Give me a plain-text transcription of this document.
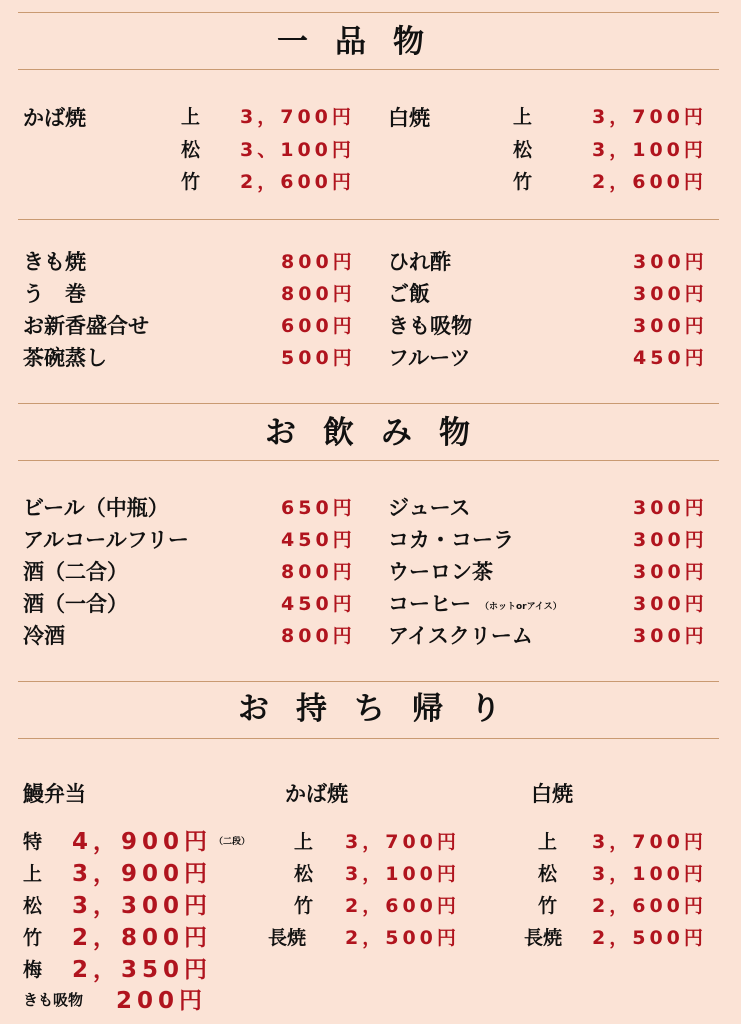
一品物
お飲み物
お持ち帰り
かば焼	上
松
竹
3，700円
3、100円
2，600円
白焼	上
松
竹
3，700円
3，100円
2，600円
きも焼
う　巻
お新香盛合せ
茶碗蒸し
800円
800円
600円
500円
ひれ酢
ご飯
きも吸物
フルーツ
300円
300円
300円
450円
ビール（中瓶）
アルコールフリー
酒（二合）
酒（一合）
冷酒
650円
450円
800円
450円
800円
ジュース
コカ・コーラ
ウーロン茶
コーヒー （ホットorアイス）
アイスクリーム
300円
300円
300円
300円
300円
鰻弁当
特
上
松
竹
梅
きも吸物
4，900円 （二段）
3，900円
3，300円
2，800円
2，350円
200円
かば焼
上
松
竹
長焼
3，700円
3，100円
2，600円
2，500円
白焼
上
松
竹
長焼
3，700円
3，100円
2，600円
2，500円
